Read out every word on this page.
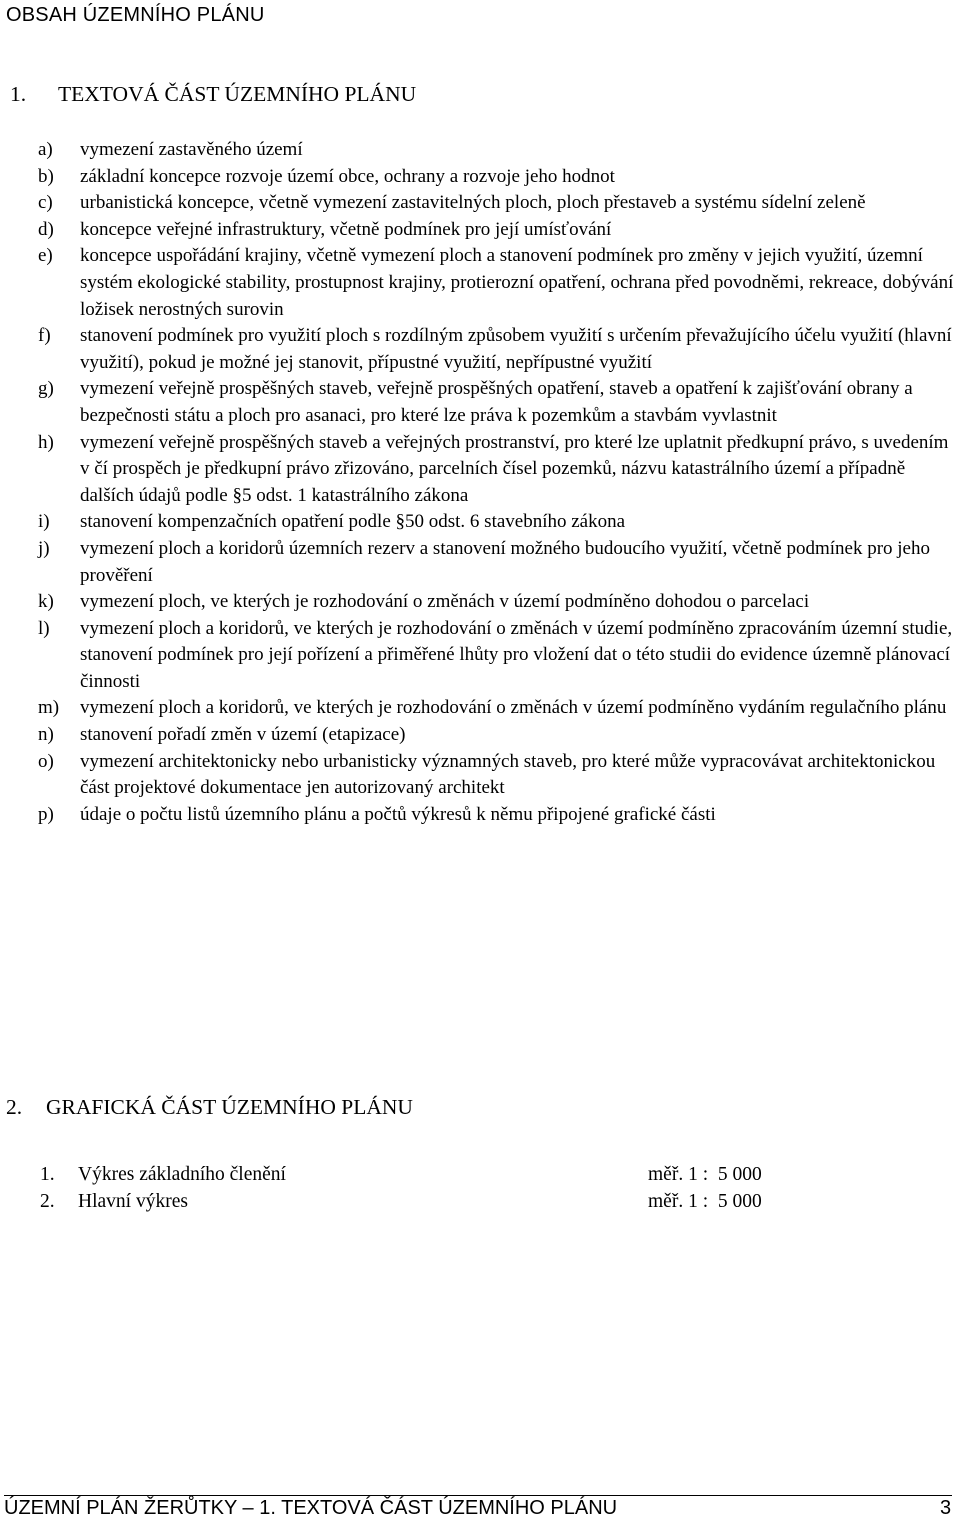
OBSAH ÚZEMNÍHO PLÁNU
1.	TEXTOVÁ ČÁST ÚZEMNÍHO PLÁNU
a)	vymezení zastavěného území
b)	základní koncepce rozvoje území obce, ochrany a rozvoje jeho hodnot
c)	urbanistická koncepce, včetně vymezení zastavitelných ploch, ploch přestaveb a systému sídelní zeleně
d)	koncepce veřejné infrastruktury, včetně podmínek pro její umísťování
e)	koncepce uspořádání krajiny, včetně vymezení ploch a stanovení podmínek pro změny v jejich využití, územní systém ekologické stability, prostupnost krajiny, protierozní opatření, ochrana před povodněmi, rekreace, dobývání ložisek nerostných surovin
f)	stanovení podmínek pro využití ploch s rozdílným způsobem využití s určením převažujícího účelu využití (hlavní využití), pokud je možné jej stanovit, přípustné využití, nepřípustné využití
g)	vymezení veřejně prospěšných staveb, veřejně prospěšných opatření, staveb a opatření k zajišťování obrany a bezpečnosti státu a ploch pro asanaci, pro které lze práva k pozemkům a stavbám vyvlastnit
h)	vymezení veřejně prospěšných staveb a veřejných prostranství, pro které lze uplatnit předkupní právo, s uvedením v čí prospěch je předkupní právo zřizováno, parcelních čísel pozemků, názvu katastrálního území a případně dalších údajů podle §5 odst. 1 katastrálního zákona
i)	stanovení kompenzačních opatření podle §50 odst. 6 stavebního zákona
j)	vymezení ploch a koridorů územních rezerv a stanovení možného budoucího využití, včetně podmínek pro jeho prověření
k)	vymezení ploch, ve kterých je rozhodování o změnách v území podmíněno dohodou o parcelaci
l)	vymezení ploch a koridorů, ve kterých je rozhodování o změnách v území podmíněno zpracováním územní studie, stanovení podmínek pro její pořízení a přiměřené lhůty pro vložení dat o této studii do evidence územně plánovací činnosti
m)	vymezení ploch a koridorů, ve kterých je rozhodování o změnách v území podmíněno vydáním regulačního plánu
n)	stanovení pořadí změn v území (etapizace)
o)	vymezení architektonicky nebo urbanisticky významných staveb, pro které může vypracovávat architektonickou část projektové dokumentace jen autorizovaný architekt
p)	údaje o počtu listů územního plánu a počtů výkresů k němu připojené grafické části
2.	GRAFICKÁ ČÁST ÚZEMNÍHO PLÁNU
1. Výkres základního členění	měř. 1 :  5 000
2. Hlavní výkres	měř. 1 :  5 000
ÚZEMNÍ PLÁN ŽERŮTKY – 1. TEXTOVÁ ČÁST ÚZEMNÍHO PLÁNU	3
